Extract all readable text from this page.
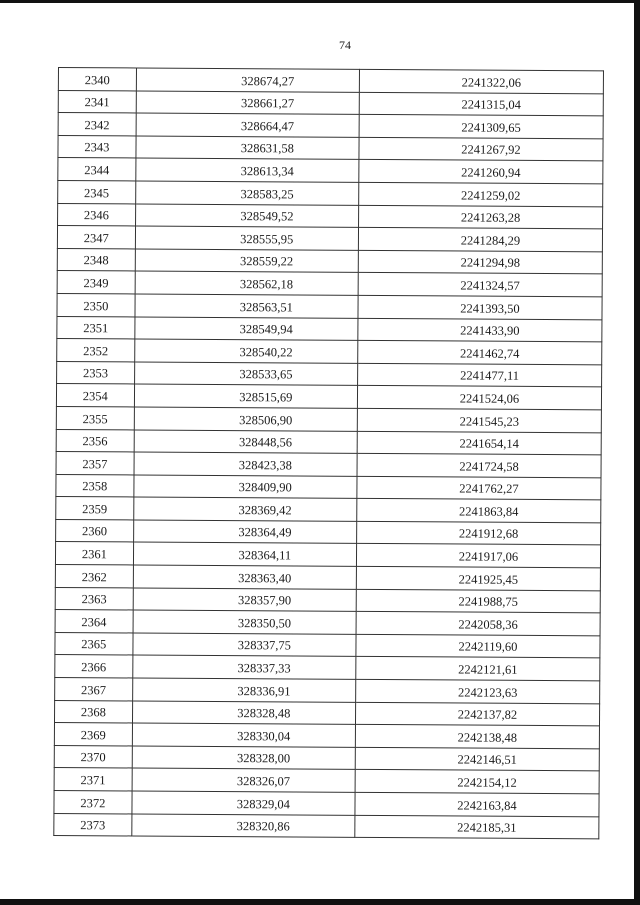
74
2340	328674,27	2241322,06
2341	328661,27	2241315,04
2342	328664,47	2241309,65
2343	328631,58	2241267,92
2344	328613,34	2241260,94
2345	328583,25	2241259,02
2346	328549,52	2241263,28
2347	328555,95	2241284,29
2348	328559,22	2241294,98
2349	328562,18	2241324,57
2350	328563,51	2241393,50
2351	328549,94	2241433,90
2352	328540,22	2241462,74
2353	328533,65	2241477,11
2354	328515,69	2241524,06
2355	328506,90	2241545,23
2356	328448,56	2241654,14
2357	328423,38	2241724,58
2358	328409,90	2241762,27
2359	328369,42	2241863,84
2360	328364,49	2241912,68
2361	328364,11	2241917,06
2362	328363,40	2241925,45
2363	328357,90	2241988,75
2364	328350,50	2242058,36
2365	328337,75	2242119,60
2366	328337,33	2242121,61
2367	328336,91	2242123,63
2368	328328,48	2242137,82
2369	328330,04	2242138,48
2370	328328,00	2242146,51
2371	328326,07	2242154,12
2372	328329,04	2242163,84
2373	328320,86	2242185,31
